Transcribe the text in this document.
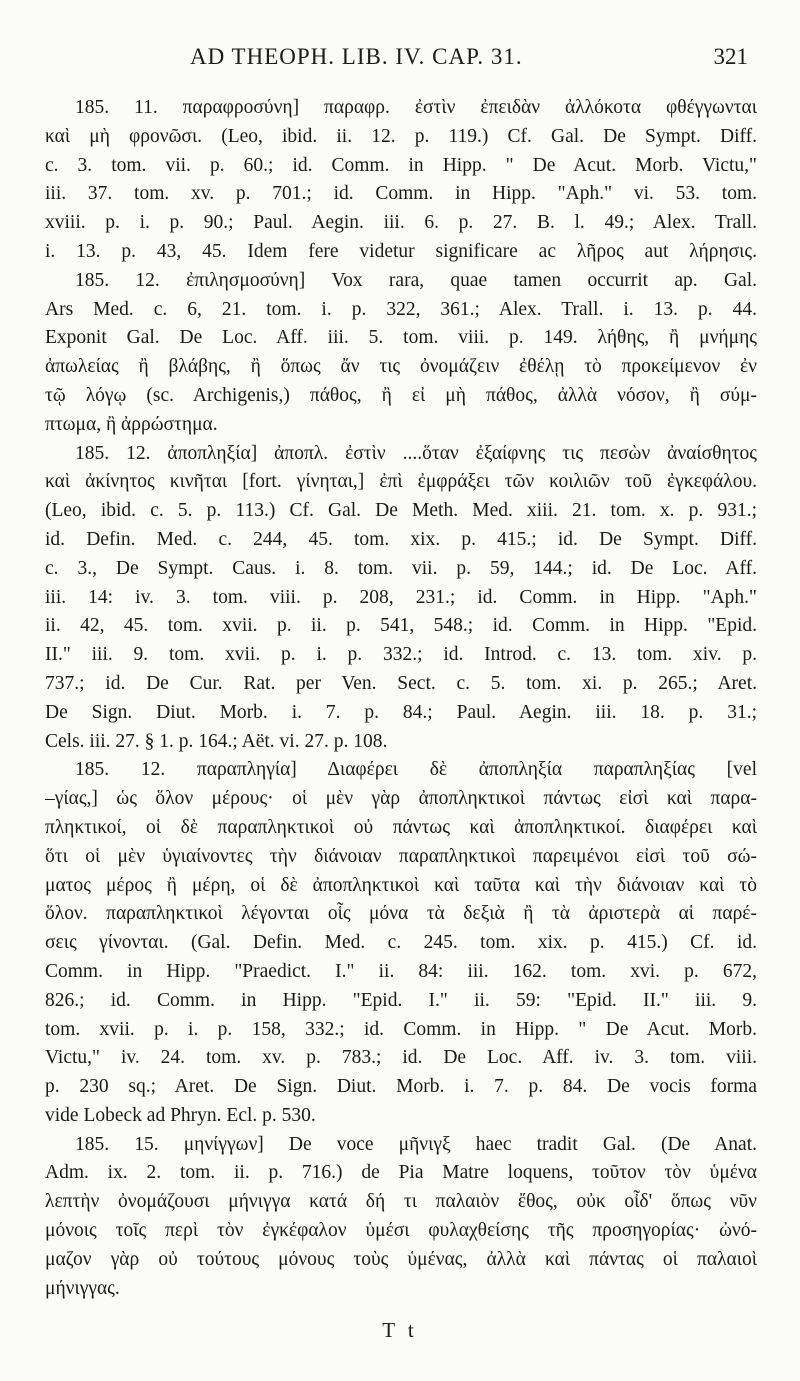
AD THEOPH. LIB. IV. CAP. 31.	321
185. 11. παραφροσύνη] παραφρ. ἐστὶν ἐπειδὰν ἀλλόκοτα φθέγγωνται
καὶ μὴ φρονῶσι. (Leo, ibid. ii. 12. p. 119.) Cf. Gal. De Sympt. Diff.
c. 3. tom. vii. p. 60.; id. Comm. in Hipp. " De Acut. Morb. Victu,"
iii. 37. tom. xv. p. 701.; id. Comm. in Hipp. "Aph." vi. 53. tom.
xviii. p. i. p. 90.; Paul. Aegin. iii. 6. p. 27. B. l. 49.; Alex. Trall.
i. 13. p. 43, 45. Idem fere videtur significare ac λῆρος aut λήρησις.
185. 12. ἐπιλησμοσύνη] Vox rara, quae tamen occurrit ap. Gal.
Ars Med. c. 6, 21. tom. i. p. 322, 361.; Alex. Trall. i. 13. p. 44.
Exponit Gal. De Loc. Aff. iii. 5. tom. viii. p. 149. λήθης, ἢ μνήμης
ἀπωλείας ἢ βλάβης, ἢ ὅπως ἄν τις ὀνομάζειν ἐθέλῃ τὸ προκείμενον ἐν
τῷ λόγῳ (sc. Archigenis,) πάθος, ἢ εἰ μὴ πάθος, ἀλλὰ νόσον, ἢ σύμ-
πτωμα, ἢ ἀρρώστημα.
185. 12. ἀποπληξία] ἀποπλ. ἐστὶν ....ὅταν ἐξαίφνης τις πεσὼν ἀναίσθητος
καὶ ἀκίνητος κινῆται [fort. γίνηται,] ἐπὶ ἐμφράξει τῶν κοιλιῶν τοῦ ἐγκεφάλου.
(Leo, ibid. c. 5. p. 113.) Cf. Gal. De Meth. Med. xiii. 21. tom. x. p. 931.;
id. Defin. Med. c. 244, 45. tom. xix. p. 415.; id. De Sympt. Diff.
c. 3., De Sympt. Caus. i. 8. tom. vii. p. 59, 144.; id. De Loc. Aff.
iii. 14: iv. 3. tom. viii. p. 208, 231.; id. Comm. in Hipp. "Aph."
ii. 42, 45. tom. xvii. p. ii. p. 541, 548.; id. Comm. in Hipp. "Epid.
II." iii. 9. tom. xvii. p. i. p. 332.; id. Introd. c. 13. tom. xiv. p.
737.; id. De Cur. Rat. per Ven. Sect. c. 5. tom. xi. p. 265.; Aret.
De Sign. Diut. Morb. i. 7. p. 84.; Paul. Aegin. iii. 18. p. 31.;
Cels. iii. 27. § 1. p. 164.; Aët. vi. 27. p. 108.
185. 12. παραπληγία] Διαφέρει δὲ ἀποπληξία παραπληξίας [vel
–γίας,] ὡς ὅλον μέρους· οἱ μὲν γὰρ ἀποπληκτικοὶ πάντως εἰσὶ καὶ παρα-
πληκτικοί, οἱ δὲ παραπληκτικοὶ οὐ πάντως καὶ ἀποπληκτικοί. διαφέρει καὶ
ὅτι οἱ μὲν ὑγιαίνοντες τὴν διάνοιαν παραπληκτικοὶ παρειμένοι εἰσὶ τοῦ σώ-
ματος μέρος ἢ μέρη, οἱ δὲ ἀποπληκτικοὶ καὶ ταῦτα καὶ τὴν διάνοιαν καὶ τὸ
ὅλον. παραπληκτικοὶ λέγονται οἷς μόνα τὰ δεξιὰ ἢ τὰ ἀριστερὰ αἱ παρέ-
σεις γίνονται. (Gal. Defin. Med. c. 245. tom. xix. p. 415.) Cf. id.
Comm. in Hipp. "Praedict. I." ii. 84: iii. 162. tom. xvi. p. 672,
826.; id. Comm. in Hipp. "Epid. I." ii. 59: "Epid. II." iii. 9.
tom. xvii. p. i. p. 158, 332.; id. Comm. in Hipp. " De Acut. Morb.
Victu," iv. 24. tom. xv. p. 783.; id. De Loc. Aff. iv. 3. tom. viii.
p. 230 sq.; Aret. De Sign. Diut. Morb. i. 7. p. 84. De vocis forma
vide Lobeck ad Phryn. Ecl. p. 530.
185. 15. μηνίγγων] De voce μῆνιγξ haec tradit Gal. (De Anat.
Adm. ix. 2. tom. ii. p. 716.) de Pia Matre loquens, τοῦτον τὸν ὑμένα
λεπτὴν ὀνομάζουσι μήνιγγα κατά δή τι παλαιὸν ἔθος, οὐκ οἶδ' ὅπως νῦν
μόνοις τοῖς περὶ τὸν ἐγκέφαλον ὑμέσι φυλαχθείσης τῆς προσηγορίας· ὠνό-
μαζον γὰρ οὐ τούτους μόνους τοὺς ὑμένας, ἀλλὰ καὶ πάντας οἱ παλαιοὶ
μήνιγγας.
T t
